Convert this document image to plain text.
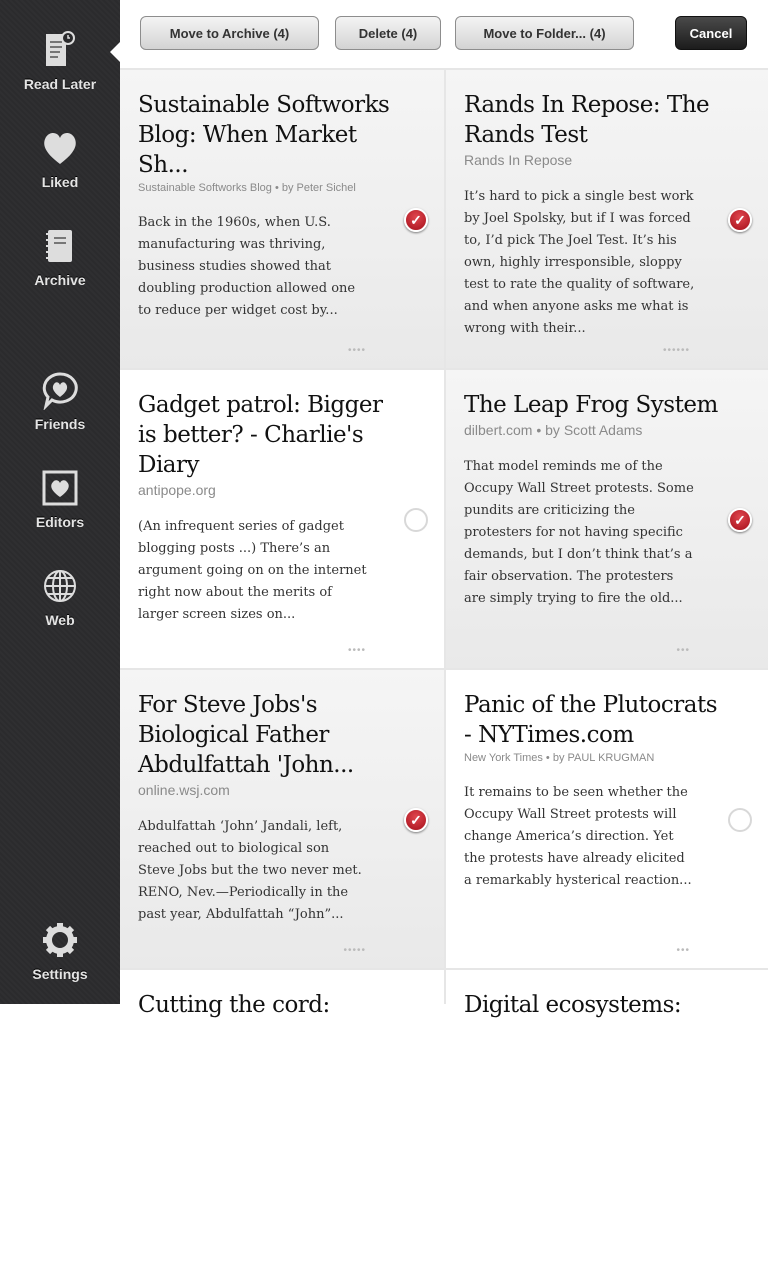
Read Later
Liked
Archive
Friends
Editors
Web
Settings
Move to Archive (4)	Delete (4)	Move to Folder... (4)	Cancel
Sustainable Softworks Blog: When Market Sh...
Sustainable Softworks Blog • by Peter Sichel
Back in the 1960s, when U.S. manufacturing was thriving, business studies showed that doubling production allowed one to reduce per widget cost by...
✓
••••
Rands In Repose: The Rands Test
Rands In Repose
It’s hard to pick a single best work by Joel Spolsky, but if I was forced to, I’d pick The Joel Test. It’s his own, highly irresponsible, sloppy test to rate the quality of software, and when anyone asks me what is wrong with their...
✓
••••••
Gadget patrol: Bigger is better? - Charlie's Diary
antipope.org
(An infrequent series of gadget blogging posts ...) There’s an argument going on on the internet right now about the merits of larger screen sizes on...
••••
The Leap Frog System
dilbert.com • by Scott Adams
That model reminds me of the Occupy Wall Street protests. Some pundits are criticizing the protesters for not having specific demands, but I don’t think that’s a fair observation. The protesters are simply trying to fire the old...
✓
•••
For Steve Jobs's Biological Father Abdulfattah 'John...
online.wsj.com
Abdulfattah ‘John’ Jandali, left, reached out to biological son Steve Jobs but the two never met. RENO, Nev.—Periodically in the past year, Abdulfattah “John”...
✓
•••••
Panic of the Plutocrats - NYTimes.com
New York Times • by PAUL KRUGMAN
It remains to be seen whether the Occupy Wall Street protests will change America’s direction. Yet the protests have already elicited a remarkably hysterical reaction...
•••
Cutting the cord:	Digital ecosystems:
